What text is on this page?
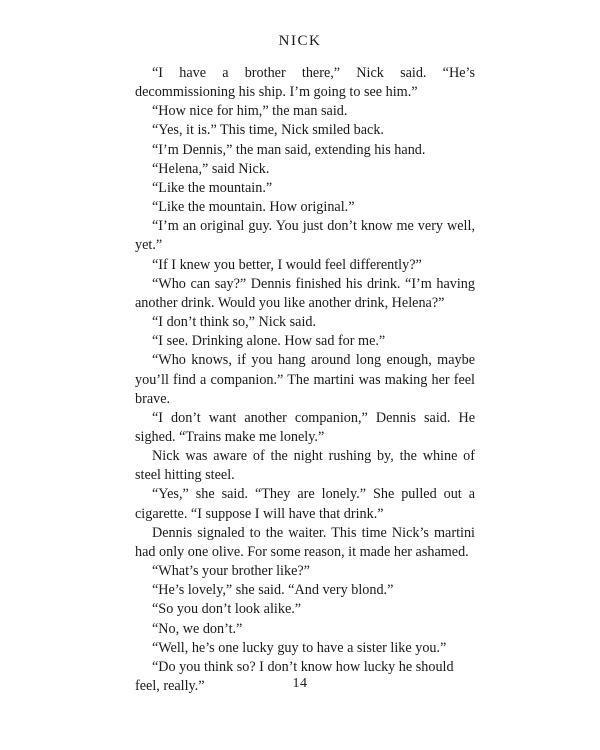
NICK

“I have a brother there,” Nick said. “He’s decommissioning his ship. I’m going to see him.”

“How nice for him,” the man said.

“Yes, it is.” This time, Nick smiled back.

“I’m Dennis,” the man said, extending his hand.

“Helena,” said Nick.

“Like the mountain.”

“Like the mountain. How original.”

“I’m an original guy. You just don’t know me very well, yet.”

“If I knew you better, I would feel differently?”

“Who can say?” Dennis finished his drink. “I’m having another drink. Would you like another drink, Helena?”

“I don’t think so,” Nick said.

“I see. Drinking alone. How sad for me.”

“Who knows, if you hang around long enough, maybe you’ll find a companion.” The martini was making her feel brave.

“I don’t want another companion,” Dennis said. He sighed. “Trains make me lonely.”

Nick was aware of the night rushing by, the whine of steel hitting steel.

“Yes,” she said. “They are lonely.” She pulled out a cigarette. “I suppose I will have that drink.”

Dennis signaled to the waiter. This time Nick’s martini had only one olive. For some reason, it made her ashamed.

“What’s your brother like?”

“He’s lovely,” she said. “And very blond.”

“So you don’t look alike.”

“No, we don’t.”

“Well, he’s one lucky guy to have a sister like you.”

“Do you think so? I don’t know how lucky he should feel, really.”	14
